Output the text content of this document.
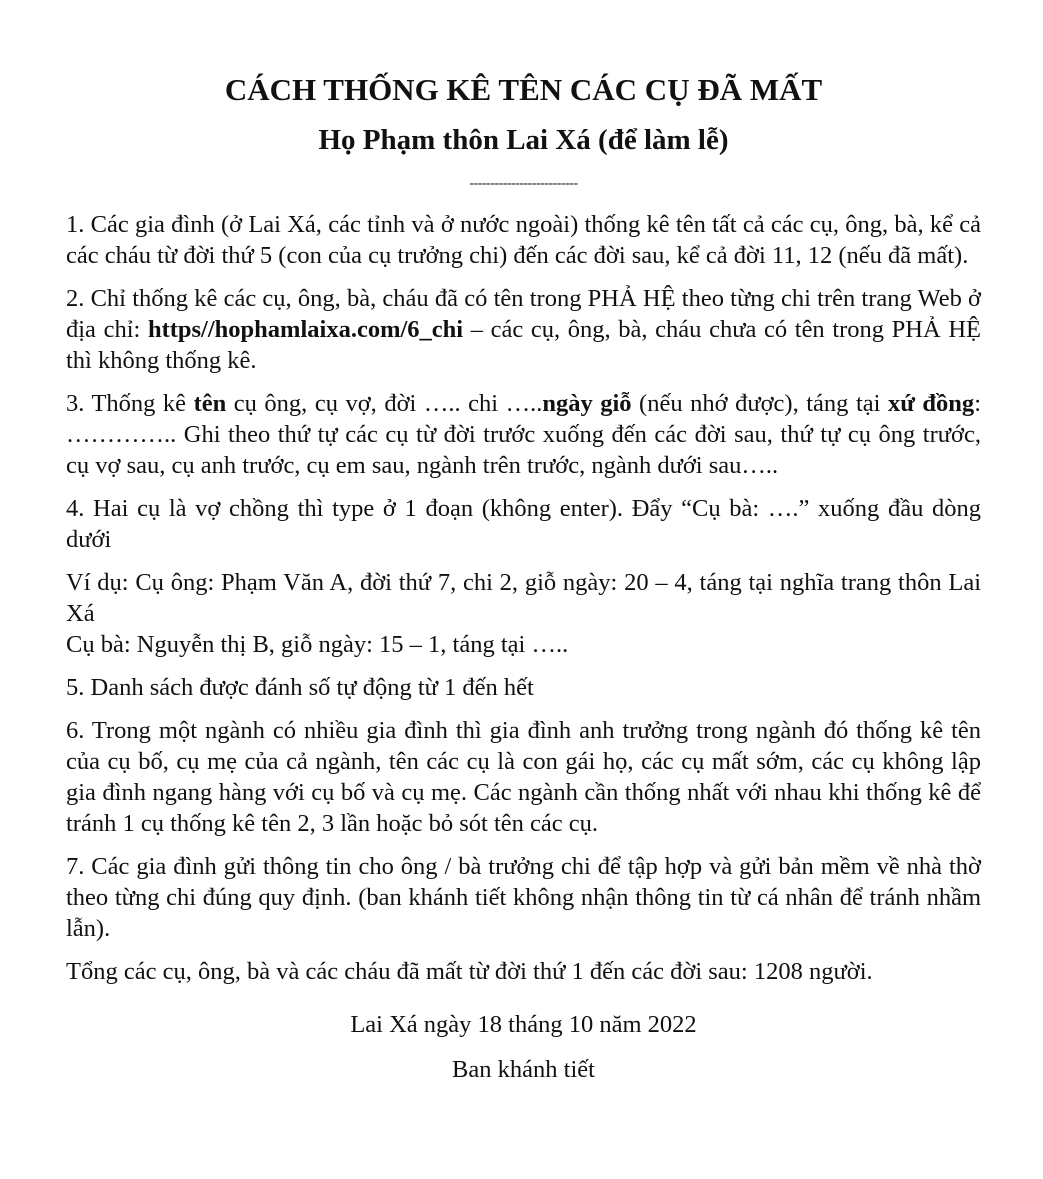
CÁCH THỐNG KÊ TÊN CÁC CỤ ĐÃ MẤT
Họ Phạm thôn Lai Xá (để làm lễ)
--------------------------

1. Các gia đình (ở Lai Xá, các tỉnh và ở nước ngoài) thống kê tên tất cả các cụ, ông, bà, kể cả các cháu từ đời thứ 5 (con của cụ trưởng chi) đến các đời sau, kể cả đời 11, 12 (nếu đã mất).

2. Chỉ thống kê các cụ, ông, bà, cháu đã có tên trong PHẢ HỆ theo từng chi trên trang Web ở địa chỉ: https//hophamlaixa.com/6_chi – các cụ, ông, bà, cháu chưa có tên trong PHẢ HỆ thì không thống kê.

3. Thống kê tên cụ ông, cụ vợ, đời ….. chi …..ngày giỗ (nếu nhớ được), táng tại xứ đồng: ………….. Ghi theo thứ tự các cụ từ đời trước xuống đến các đời sau, thứ tự cụ ông trước, cụ vợ sau, cụ anh trước, cụ em sau, ngành trên trước, ngành dưới sau…..

4. Hai cụ là vợ chồng thì type ở 1 đoạn (không enter). Đẩy “Cụ bà: ….” xuống đầu dòng dưới

Ví dụ: Cụ ông: Phạm Văn A, đời thứ 7, chi 2, giỗ ngày: 20 – 4, táng tại nghĩa trang thôn Lai Xá

Cụ bà: Nguyễn thị B, giỗ ngày: 15 – 1, táng tại …..

5. Danh sách được đánh số tự động từ 1 đến hết

6. Trong một ngành có nhiều gia đình thì gia đình anh trưởng trong ngành đó thống kê tên của cụ bố, cụ mẹ của cả ngành, tên các cụ là con gái họ, các cụ mất sớm, các cụ không lập gia đình ngang hàng với cụ bố và cụ mẹ. Các ngành cần thống nhất với nhau khi thống kê để tránh 1 cụ thống kê tên 2, 3 lần hoặc bỏ sót tên các cụ.

7. Các gia đình gửi thông tin cho ông / bà trưởng chi để tập hợp và gửi bản mềm về nhà thờ theo từng chi đúng quy định. (ban khánh tiết không nhận thông tin từ cá nhân để tránh nhầm lẫn).

Tổng các cụ, ông, bà và các cháu đã mất từ đời thứ 1 đến các đời sau: 1208 người.

Lai Xá ngày 18 tháng 10 năm 2022

Ban khánh tiết
